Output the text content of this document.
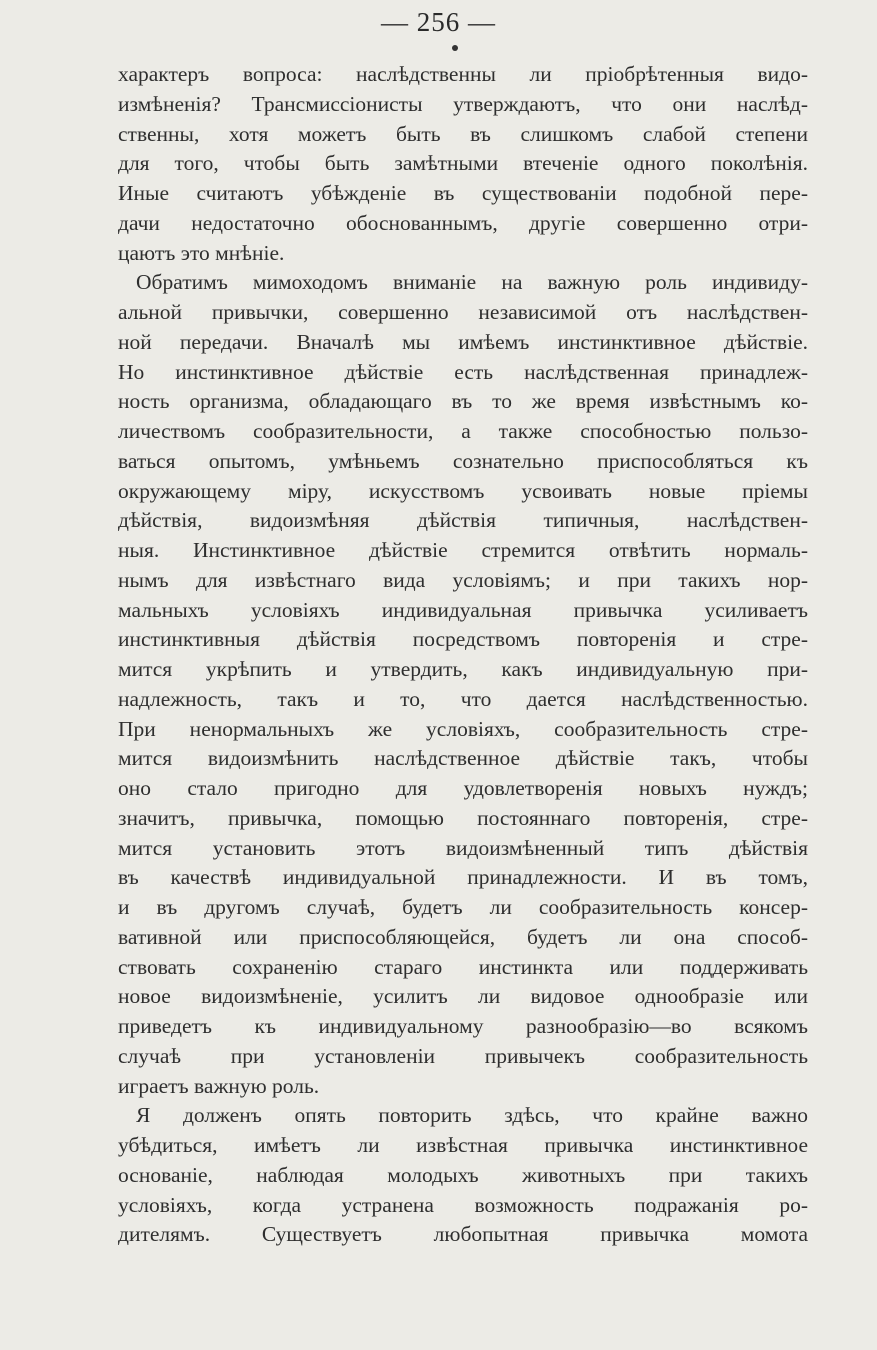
— 256 —
характеръ вопроса: наслѣдственны ли пріобрѣтенныя видо-
измѣненія? Трансмиссіонисты утверждаютъ, что они наслѣд-
ственны, хотя можетъ быть въ слишкомъ слабой степени
для того, чтобы быть замѣтными втеченіе одного поколѣнія.
Иные считаютъ убѣжденіе въ существованіи подобной пере-
дачи недостаточно обоснованнымъ, другіе совершенно отри-
цаютъ это мнѣніе.
Обратимъ мимоходомъ вниманіе на важную роль индивиду-
альной привычки, совершенно независимой отъ наслѣдствен-
ной передачи. Вначалѣ мы имѣемъ инстинктивное дѣйствіе.
Но инстинктивное дѣйствіе есть наслѣдственная принадлеж-
ность организма, обладающаго въ то же время извѣстнымъ ко-
личествомъ сообразительности, а также способностью пользо-
ваться опытомъ, умѣньемъ сознательно приспособляться къ
окружающему міру, искусствомъ усвоивать новые пріемы
дѣйствія, видоизмѣняя дѣйствія типичныя, наслѣдствен-
ныя. Инстинктивное дѣйствіе стремится отвѣтить нормаль-
нымъ для извѣстнаго вида условіямъ; и при такихъ нор-
мальныхъ условіяхъ индивидуальная привычка усиливаетъ
инстинктивныя дѣйствія посредствомъ повторенія и стре-
мится укрѣпить и утвердить, какъ индивидуальную при-
надлежность, такъ и то, что дается наслѣдственностью.
При ненормальныхъ же условіяхъ, сообразительность стре-
мится видоизмѣнить наслѣдственное дѣйствіе такъ, чтобы
оно стало пригодно для удовлетворенія новыхъ нуждъ;
значитъ, привычка, помощью постояннаго повторенія, стре-
мится установить этотъ видоизмѣненный типъ дѣйствія
въ качествѣ индивидуальной принадлежности. И въ томъ,
и въ другомъ случаѣ, будетъ ли сообразительность консер-
вативной или приспособляющейся, будетъ ли она способ-
ствовать сохраненію стараго инстинкта или поддерживать
новое видоизмѣненіе, усилитъ ли видовое однообразіе или
приведетъ къ индивидуальному разнообразію—во всякомъ
случаѣ при установленіи привычекъ сообразительность
играетъ важную роль.
Я долженъ опять повторить здѣсь, что крайне важно
убѣдиться, имѣетъ ли извѣстная привычка инстинктивное
основаніе, наблюдая молодыхъ животныхъ при такихъ
условіяхъ, когда устранена возможность подражанія ро-
дителямъ. Существуетъ любопытная привычка момота
